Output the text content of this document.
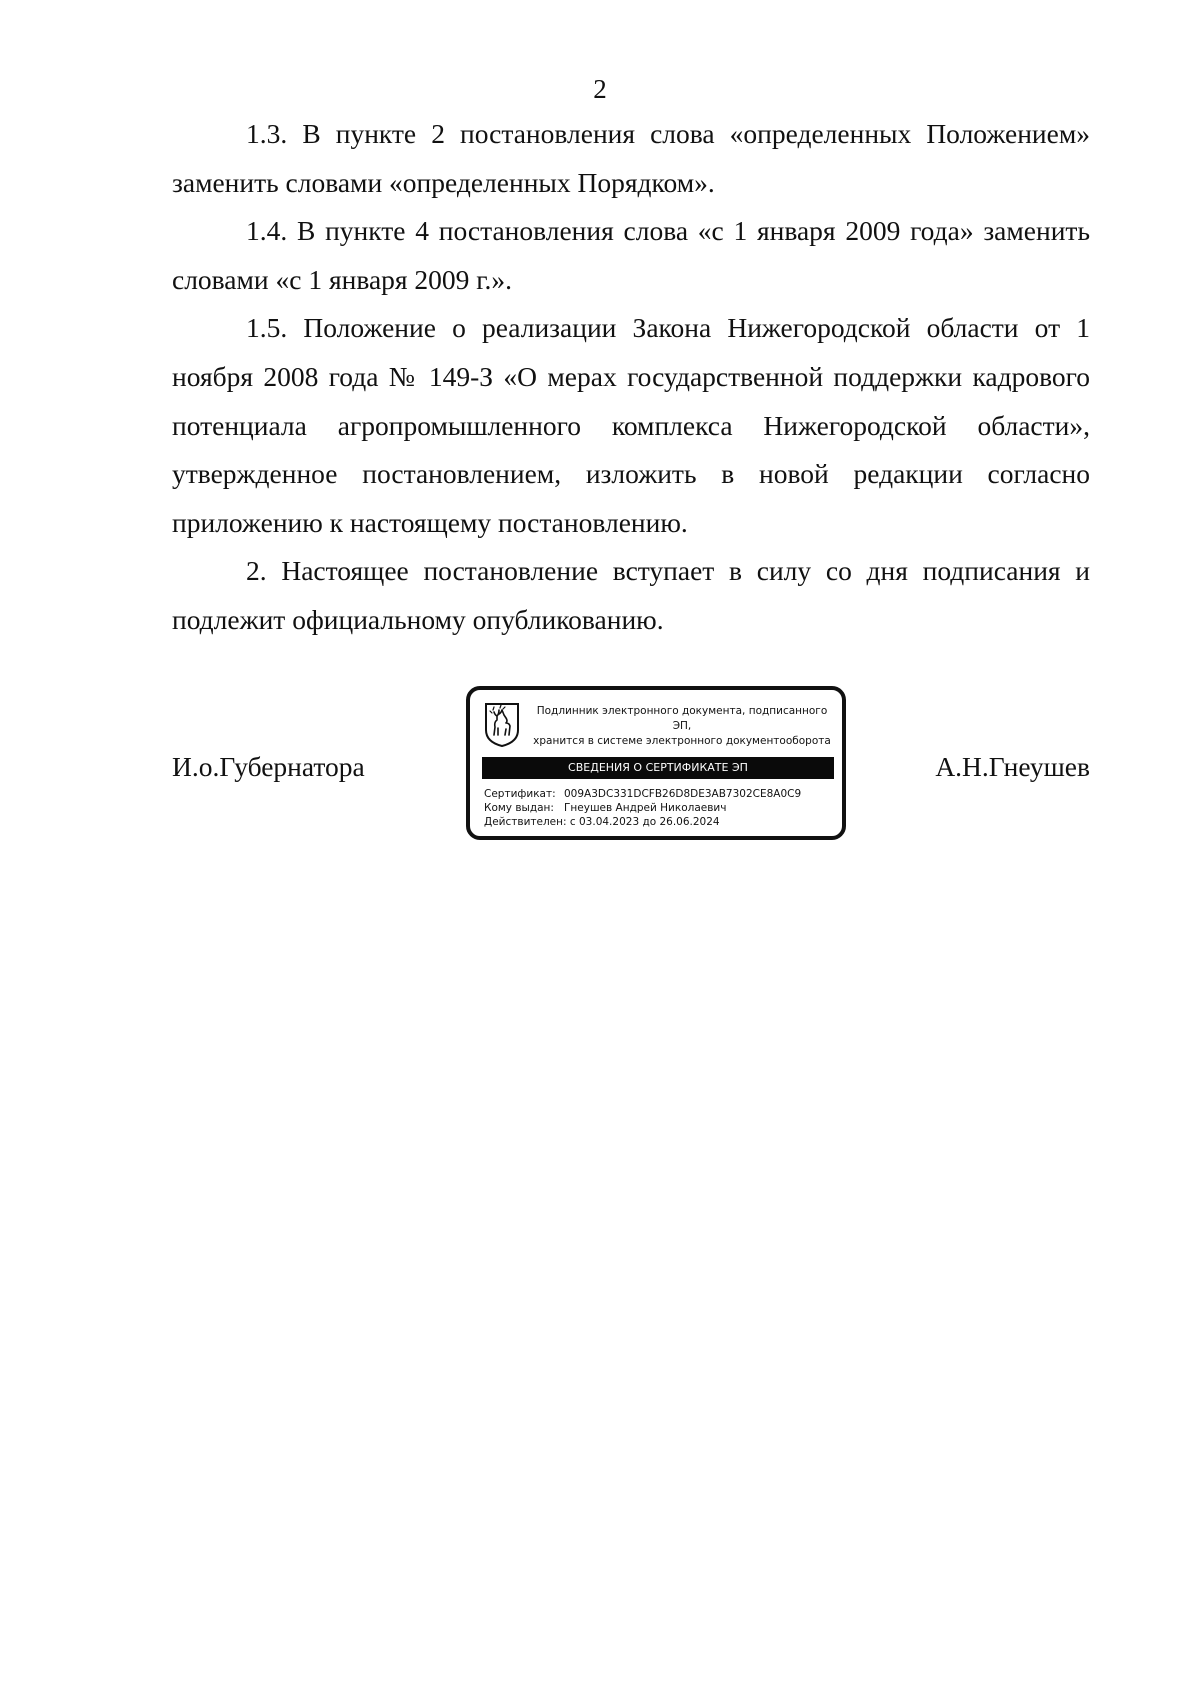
2

1.3. В пункте 2 постановления слова «определенных Положением» заменить словами «определенных Порядком».

1.4. В пункте 4 постановления слова «с 1 января 2009 года» заменить словами «с 1 января 2009 г.».

1.5. Положение о реализации Закона Нижегородской области от 1 ноября 2008 года № 149-З «О мерах государственной поддержки кадрового потенциала агропромышленного комплекса Нижегородской области», утвержденное постановлением, изложить в новой редакции согласно приложению к настоящему постановлению.

2. Настоящее постановление вступает в силу со дня подписания и подлежит официальному опубликованию.

И.о.Губернатора
Подлинник электронного документа, подписанного ЭП,
хранится в системе электронного документооборота
СВЕДЕНИЯ О СЕРТИФИКАТЕ ЭП
Сертификат: 009A3DC331DCFB26D8DE3AB7302CE8A0C9
Кому выдан: Гнеушев Андрей Николаевич
Действителен: с 03.04.2023 до 26.06.2024
А.Н.Гнеушев
